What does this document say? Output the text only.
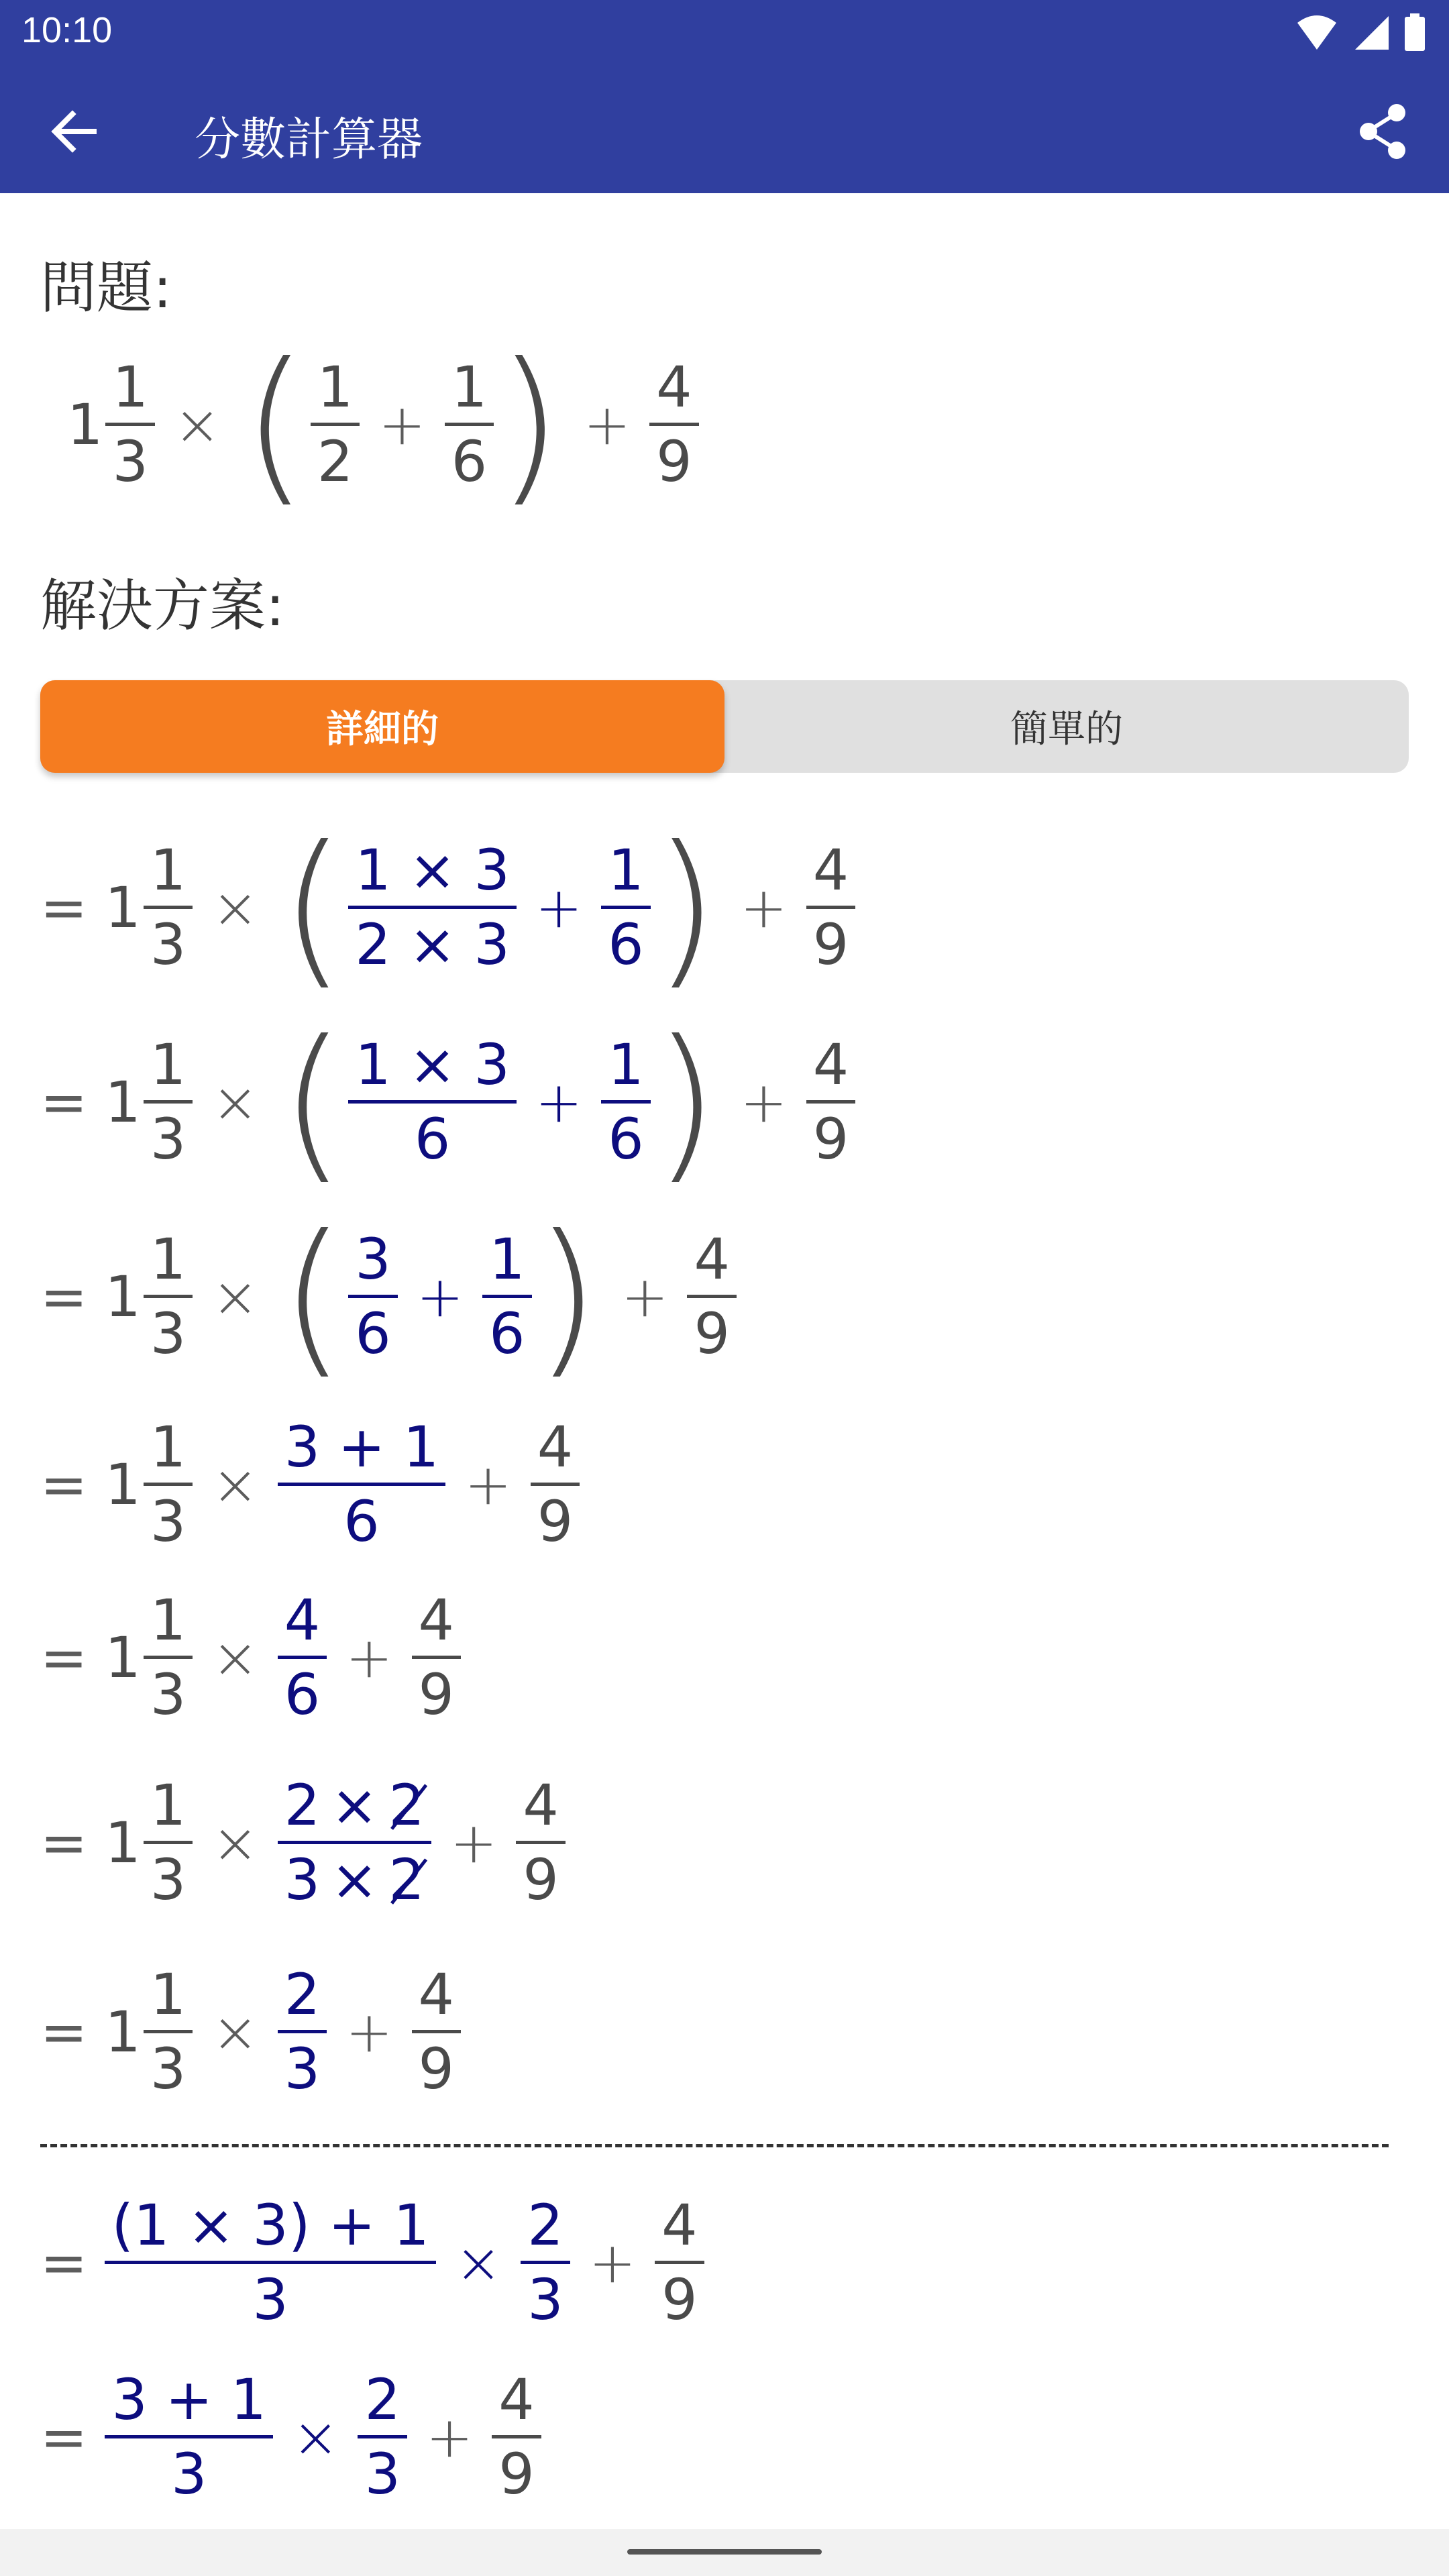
10:10
分數計算器
問題:
1
1
3
× ( 1
2
+
1
6 ) +
4
9
解決方案:
詳細的	簡單的
= 1
1
3
× ( 1 × 3
2 × 3
+
1
6 ) +
4
9
= 1
1
3
× ( 1 × 3
6
+
1
6 ) +
4
9
= 1
1
3
× ( 3
6
+
1
6 ) +
4
9
= 1
1
3
×
3 + 1
6
+
4
9
= 1
1
3
×
4
6
+
4
9
= 1
1
3
×
2 × 2
3 × 2
+
4
9
= 1
1
3
×
2
3
+
4
9
=
(1 × 3) + 1
3
×
2
3
+
4
9
=
3 + 1
3
×
2
3
+
4
9
